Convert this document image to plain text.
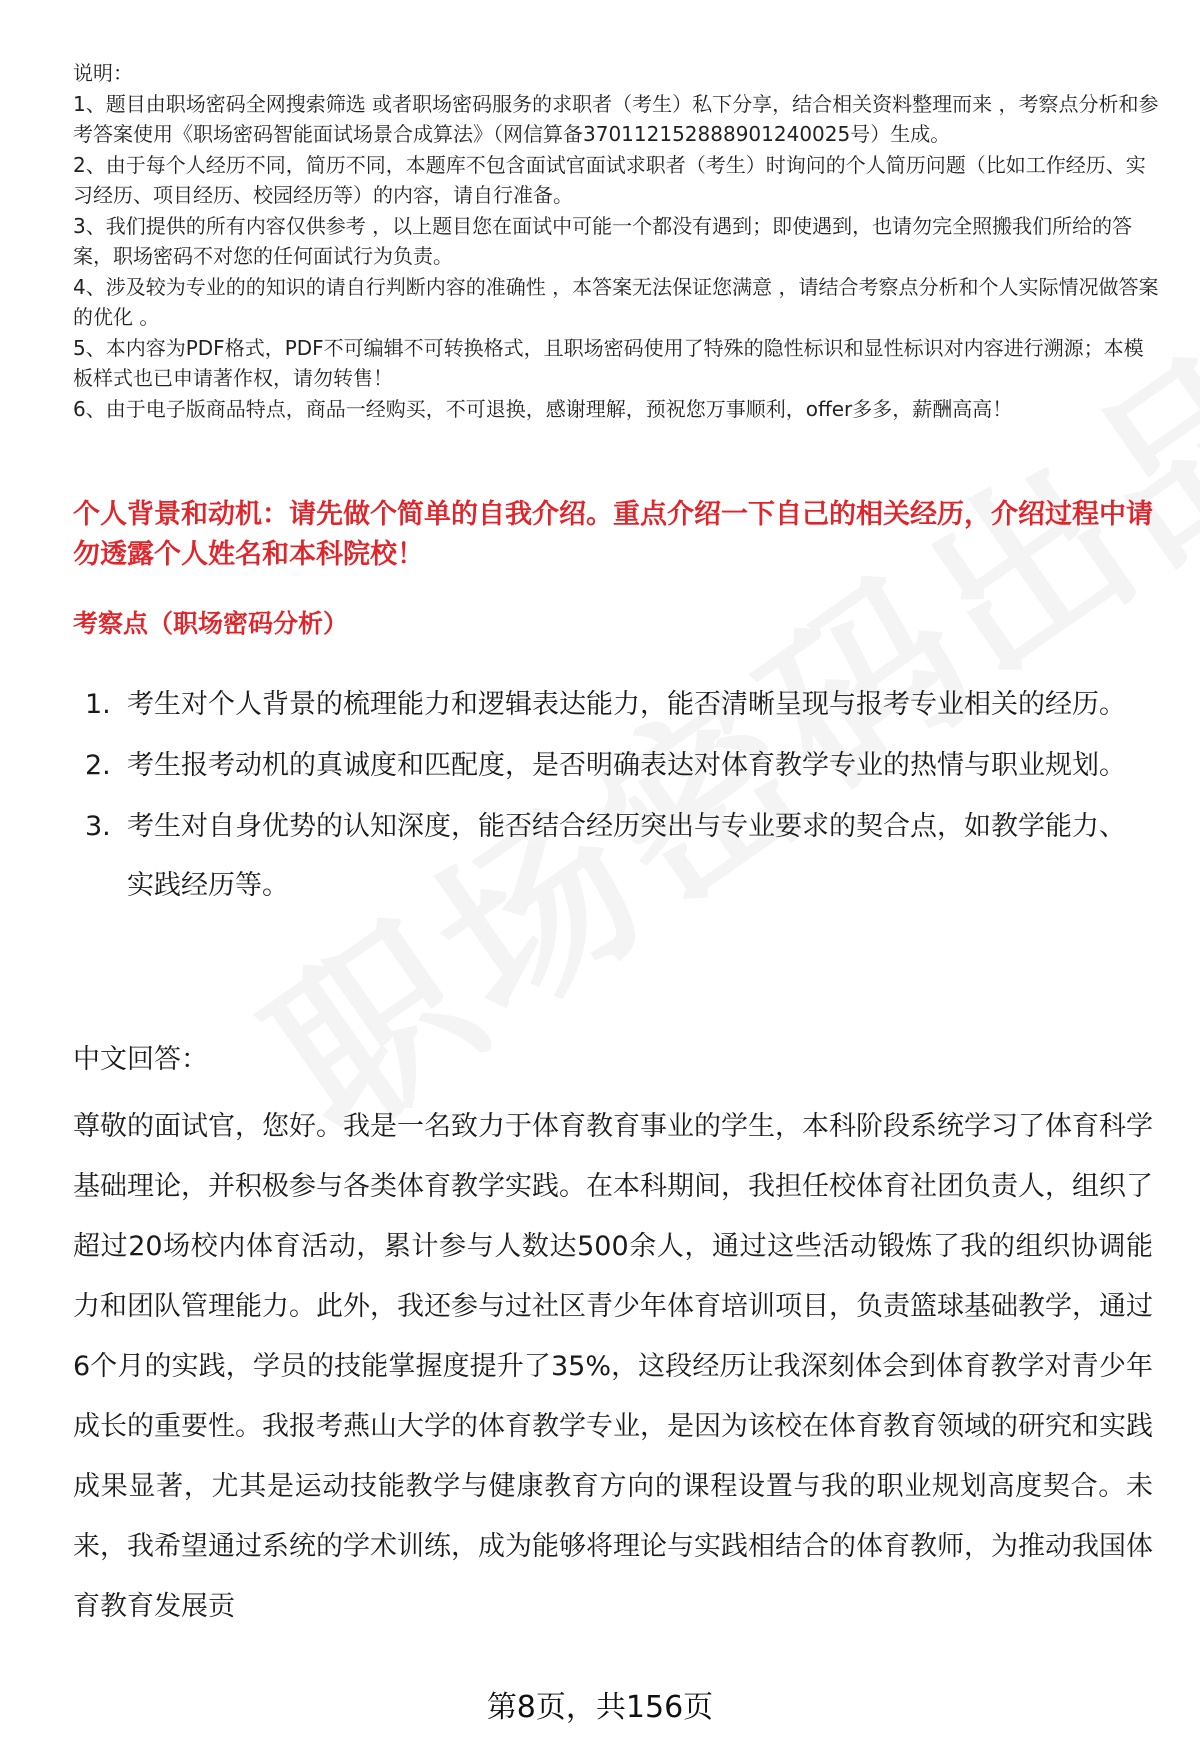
说明：

1、题目由职场密码全网搜索筛选 或者职场密码服务的求职者（考生）私下分享，结合相关资料整理而来 ，考察点分析和参考答案使用《职场密码智能面试场景合成算法》（网信算备370112152888901240025号）生成。

2、由于每个人经历不同，简历不同，本题库不包含面试官面试求职者（考生）时询问的个人简历问题（比如工作经历、实习经历、项目经历、校园经历等）的内容，请自行准备。

3、我们提供的所有内容仅供参考 ，以上题目您在面试中可能一个都没有遇到；即使遇到，也请勿完全照搬我们所给的答案，职场密码不对您的任何面试行为负责。

4、涉及较为专业的的知识的请自行判断内容的准确性 ，本答案无法保证您满意 ，请结合考察点分析和个人实际情况做答案的优化 。

5、本内容为PDF格式，PDF不可编辑不可转换格式，且职场密码使用了特殊的隐性标识和显性标识对内容进行溯源；本模板样式也已申请著作权，请勿转售！

6、由于电子版商品特点，商品一经购买，不可退换，感谢理解，预祝您万事顺利，offer多多，薪酬高高！

个人背景和动机：请先做个简单的自我介绍。重点介绍一下自己的相关经历，介绍过程中请勿透露个人姓名和本科院校！

考察点（职场密码分析）

1. 考生对个人背景的梳理能力和逻辑表达能力，能否清晰呈现与报考专业相关的经历。
2. 考生报考动机的真诚度和匹配度，是否明确表达对体育教学专业的热情与职业规划。
3. 考生对自身优势的认知深度，能否结合经历突出与专业要求的契合点，如教学能力、实践经历等。

中文回答：

尊敬的面试官，您好。我是一名致力于体育教育事业的学生，本科阶段系统学习了体育科学基础理论，并积极参与各类体育教学实践。在本科期间，我担任校体育社团负责人，组织了超过20场校内体育活动，累计参与人数达500余人，通过这些活动锻炼了我的组织协调能力和团队管理能力。此外，我还参与过社区青少年体育培训项目，负责篮球基础教学，通过6个月的实践，学员的技能掌握度提升了35%，这段经历让我深刻体会到体育教学对青少年成长的重要性。我报考燕山大学的体育教学专业，是因为该校在体育教育领域的研究和实践成果显著，尤其是运动技能教学与健康教育方向的课程设置与我的职业规划高度契合。未来，我希望通过系统的学术训练，成为能够将理论与实践相结合的体育教师，为推动我国体育教育发展贡

第8页，共156页
